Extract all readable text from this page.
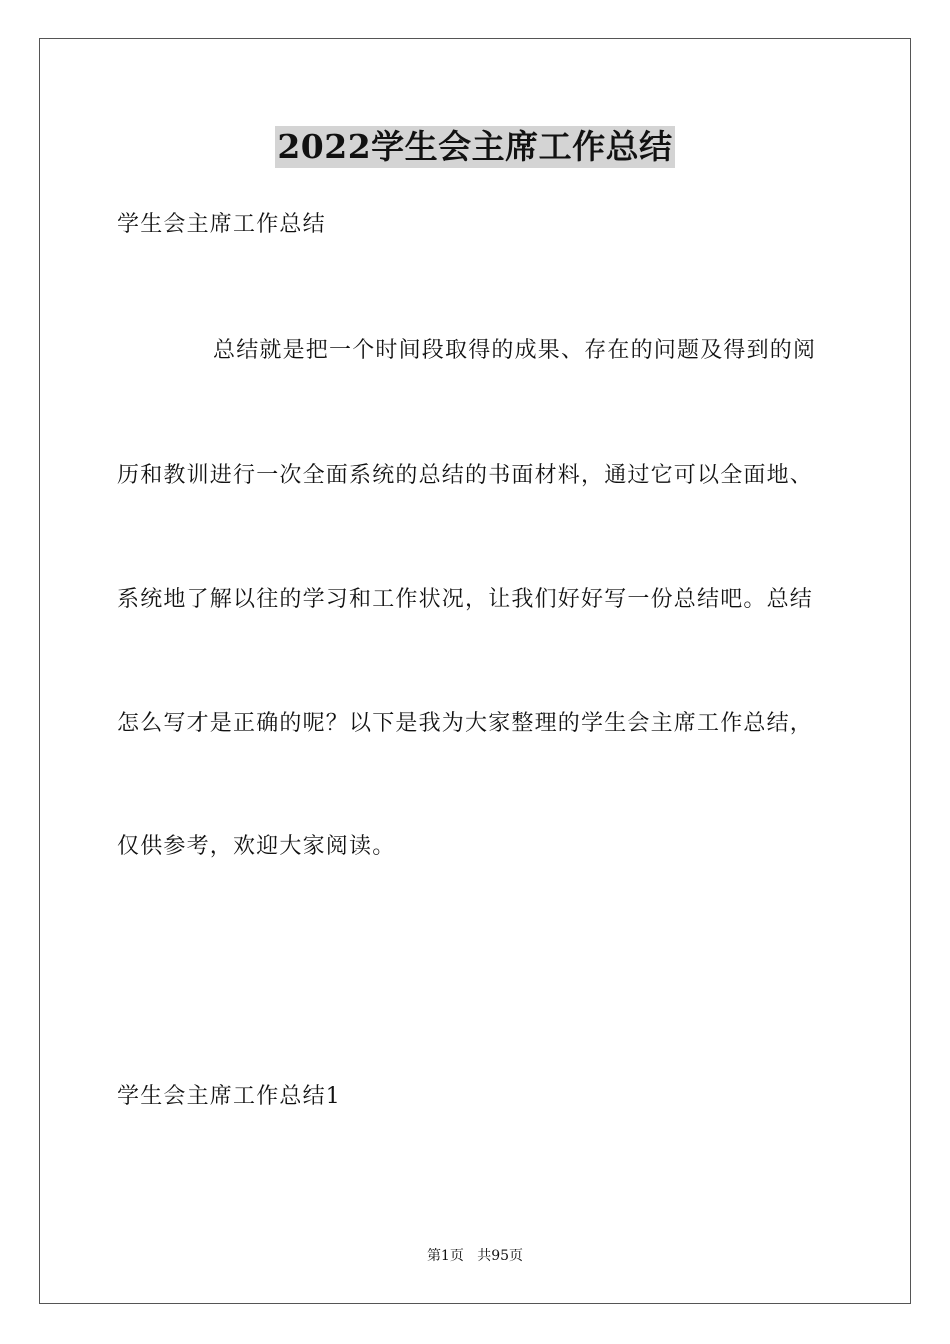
2022学生会主席工作总结
学生会主席工作总结
总结就是把一个时间段取得的成果、存在的问题及得到的阅
历和教训进行一次全面系统的总结的书面材料，通过它可以全面地、
系统地了解以往的学习和工作状况，让我们好好写一份总结吧。总结
怎么写才是正确的呢？以下是我为大家整理的学生会主席工作总结，
仅供参考，欢迎大家阅读。
学生会主席工作总结1
第1页 共95页
